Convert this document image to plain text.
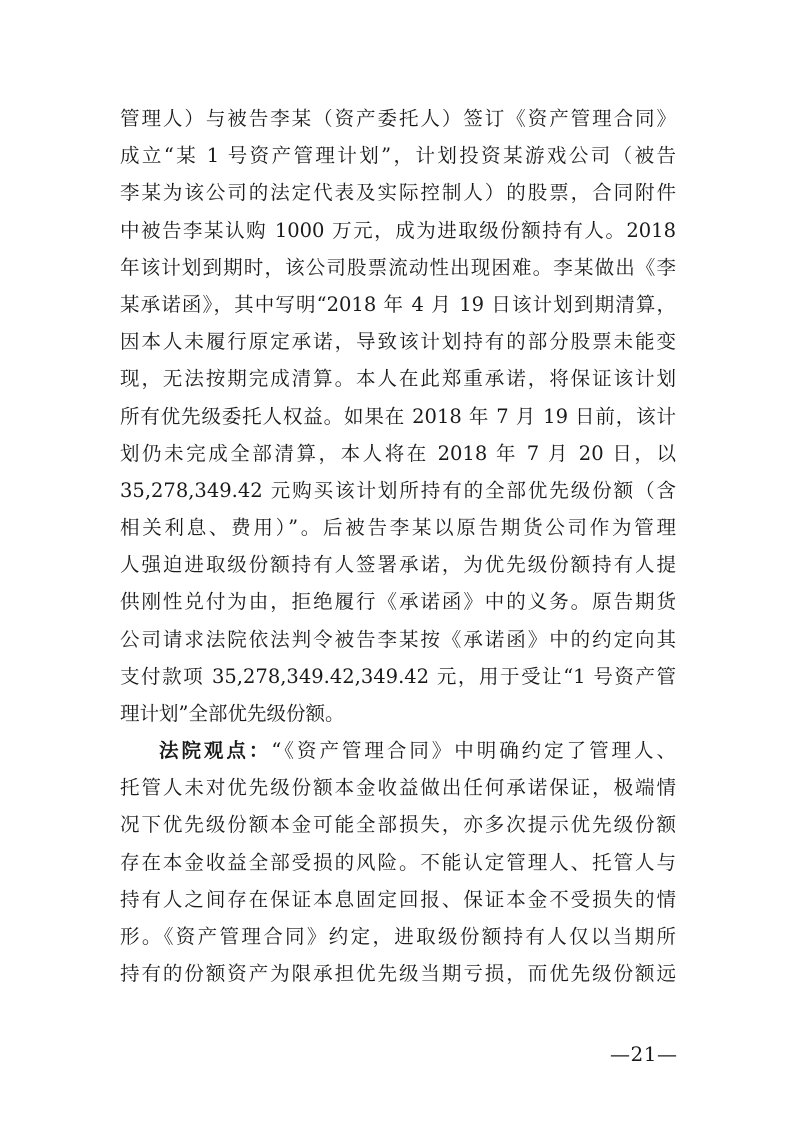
管理人）与被告李某（资产委托人）签订《资产管理合同》
成立“某 1 号资产管理计划”，计划投资某游戏公司（被告
李某为该公司的法定代表及实际控制人）的股票，合同附件
中被告李某认购 1000 万元，成为进取级份额持有人。2018
年该计划到期时，该公司股票流动性出现困难。李某做出《李
某承诺函》，其中写明“2018 年 4 月 19 日该计划到期清算，
因本人未履行原定承诺，导致该计划持有的部分股票未能变
现，无法按期完成清算。本人在此郑重承诺，将保证该计划
所有优先级委托人权益。如果在 2018 年 7 月 19 日前，该计
划仍未完成全部清算，本人将在 2018 年 7 月 20 日，以
35,278,349.42 元购买该计划所持有的全部优先级份额（含
相关利息、费用）”。后被告李某以原告期货公司作为管理
人强迫进取级份额持有人签署承诺，为优先级份额持有人提
供刚性兑付为由，拒绝履行《承诺函》中的义务。原告期货
公司请求法院依法判令被告李某按《承诺函》中的约定向其
支付款项 35,278,349.42,349.42 元，用于受让“1 号资产管
理计划”全部优先级份额。
法院观点：“《资产管理合同》中明确约定了管理人、
托管人未对优先级份额本金收益做出任何承诺保证，极端情
况下优先级份额本金可能全部损失，亦多次提示优先级份额
存在本金收益全部受损的风险。不能认定管理人、托管人与
持有人之间存在保证本息固定回报、保证本金不受损失的情
形。《资产管理合同》约定，进取级份额持有人仅以当期所
持有的份额资产为限承担优先级当期亏损，而优先级份额远
—21—
